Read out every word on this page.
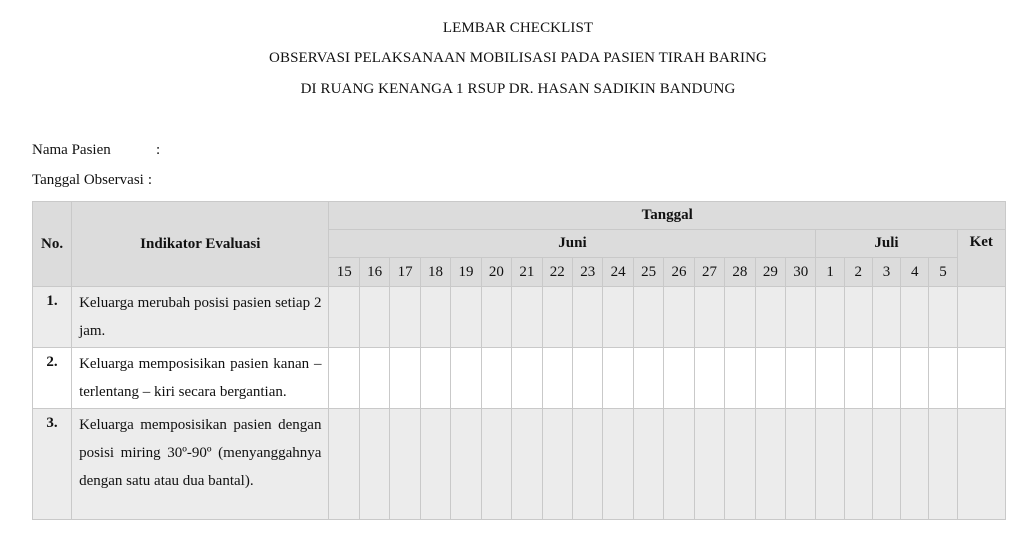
LEMBAR CHECKLIST
OBSERVASI PELAKSANAAN MOBILISASI PADA PASIEN TIRAH BARING
DI RUANG KENANGA 1 RSUP DR. HASAN SADIKIN BANDUNG
Nama Pasien	:
Tanggal Observasi :
No.	Indikator Evaluasi	Tanggal																					
		Juni																Juli					Ket
		15	16	17	18	19	20	21	22	23	24	25	26	27	28	29	30	1	2	3	4	5	
1.	Keluarga merubah posisi pasien setiap 2 jam.																						
2.	Keluarga memposisikan pasien kanan – terlentang – kiri secara bergantian.																						
3.	Keluarga memposisikan pasien dengan posisi miring 30º-90º (menyanggahnya dengan satu atau dua bantal).																						
